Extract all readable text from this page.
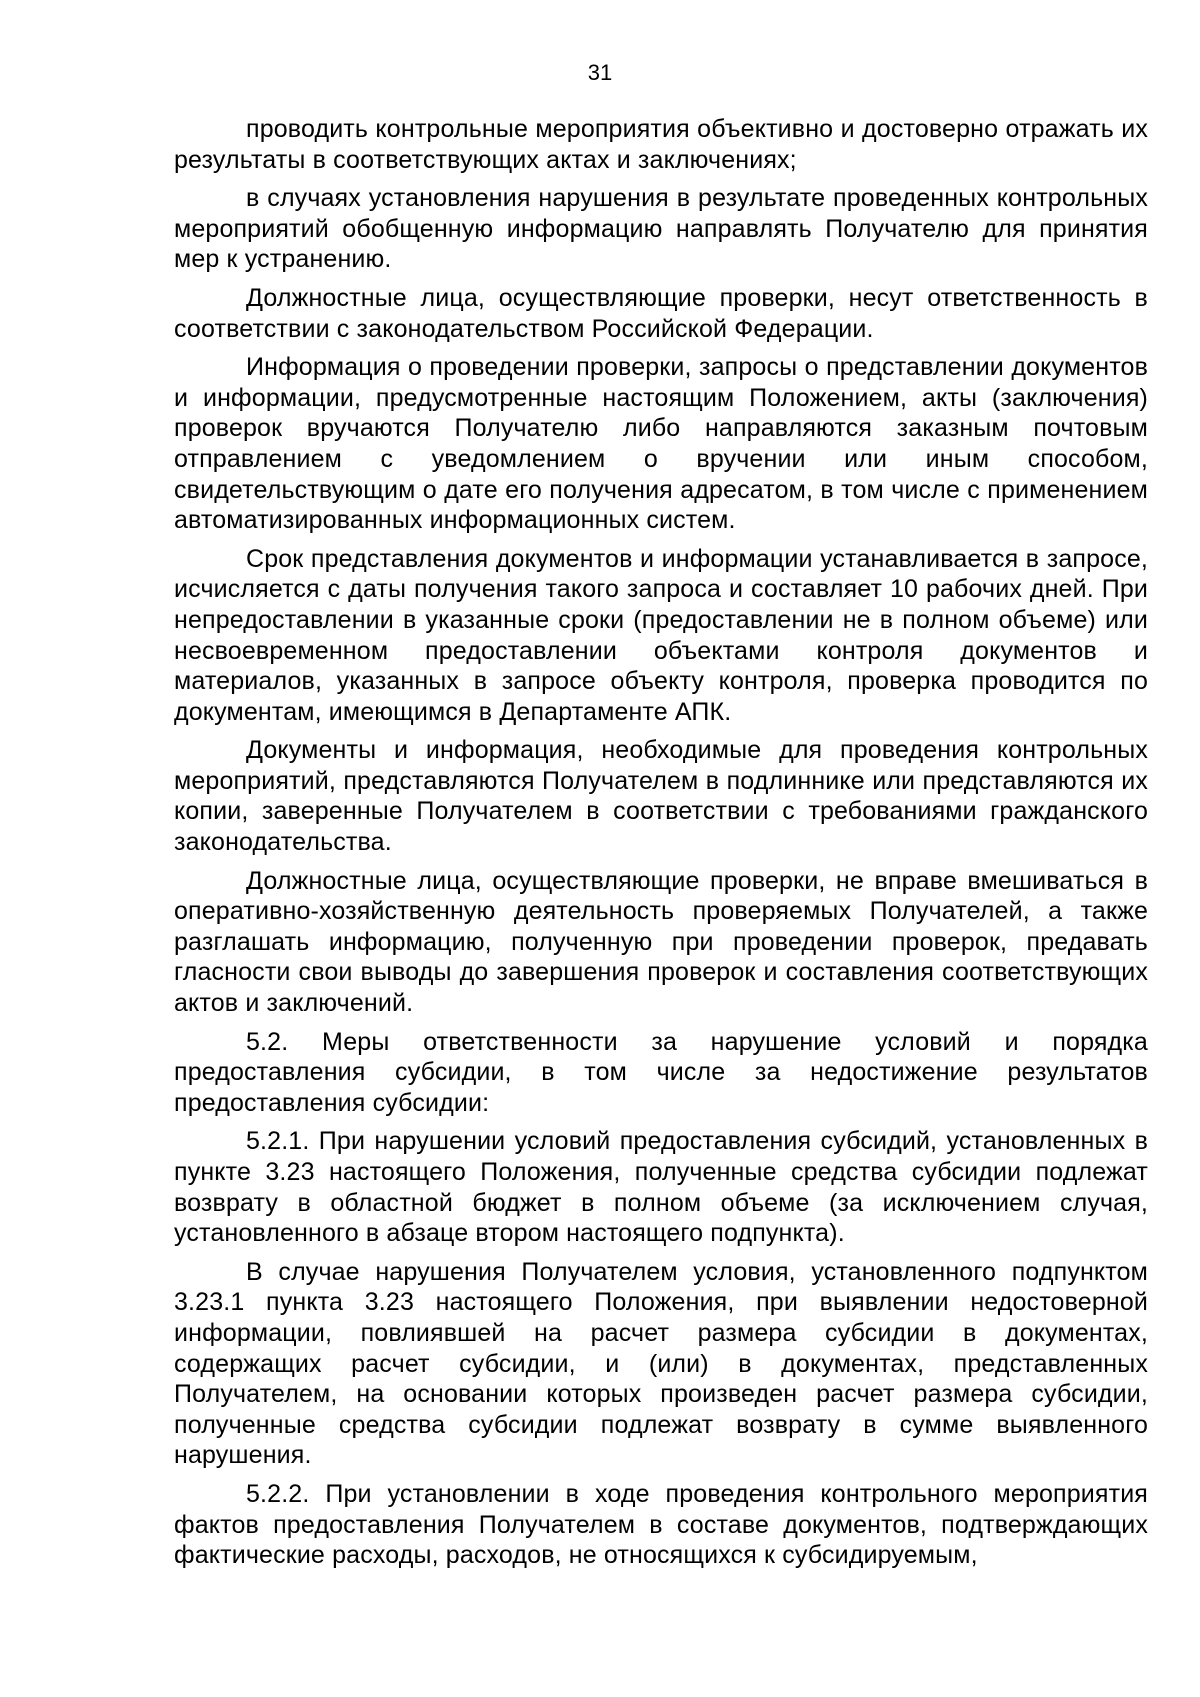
31

проводить контрольные мероприятия объективно и достоверно отражать их результаты в соответствующих актах и заключениях;

в случаях установления нарушения в результате проведенных контрольных мероприятий обобщенную информацию направлять Получателю для принятия мер к устранению.

Должностные лица, осуществляющие проверки, несут ответственность в соответствии с законодательством Российской Федерации.

Информация о проведении проверки, запросы о представлении документов и информации, предусмотренные настоящим Положением, акты (заключения) проверок вручаются Получателю либо направляются заказным почтовым отправлением с уведомлением о вручении или иным способом, свидетельствующим о дате его получения адресатом, в том числе с применением автоматизированных информационных систем.

Срок представления документов и информации устанавливается в запросе, исчисляется с даты получения такого запроса и составляет 10 рабочих дней. При непредоставлении в указанные сроки (предоставлении не в полном объеме) или несвоевременном предоставлении объектами контроля документов и материалов, указанных в запросе объекту контроля, проверка проводится по документам, имеющимся в Департаменте АПК.

Документы и информация, необходимые для проведения контрольных мероприятий, представляются Получателем в подлиннике или представляются их копии, заверенные Получателем в соответствии с требованиями гражданского законодательства.

Должностные лица, осуществляющие проверки, не вправе вмешиваться в оперативно-хозяйственную деятельность проверяемых Получателей, а также разглашать информацию, полученную при проведении проверок, предавать гласности свои выводы до завершения проверок и составления соответствующих актов и заключений.

5.2. Меры ответственности за нарушение условий и порядка предоставления субсидии, в том числе за недостижение результатов предоставления субсидии:

5.2.1. При нарушении условий предоставления субсидий, установленных в пункте 3.23 настоящего Положения, полученные средства субсидии подлежат возврату в областной бюджет в полном объеме (за исключением случая, установленного в абзаце втором настоящего подпункта).

В случае нарушения Получателем условия, установленного подпунктом 3.23.1 пункта 3.23 настоящего Положения, при выявлении недостоверной информации, повлиявшей на расчет размера субсидии в документах, содержащих расчет субсидии, и (или) в документах, представленных Получателем, на основании которых произведен расчет размера субсидии, полученные средства субсидии подлежат возврату в сумме выявленного нарушения.

5.2.2. При установлении в ходе проведения контрольного мероприятия фактов предоставления Получателем в составе документов, подтверждающих фактические расходы, расходов, не относящихся к субсидируемым,
